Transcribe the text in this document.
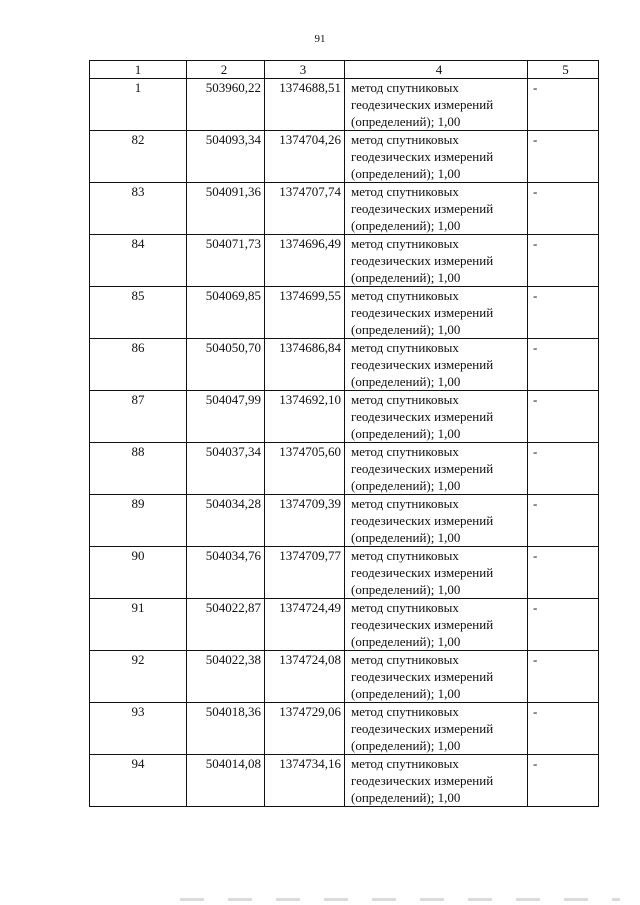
91
1	2	3	4	5
1	503960,22	1374688,51	метод спутниковых геодезических измерений (определений); 1,00	-
82	504093,34	1374704,26	метод спутниковых геодезических измерений (определений); 1,00	-
83	504091,36	1374707,74	метод спутниковых геодезических измерений (определений); 1,00	-
84	504071,73	1374696,49	метод спутниковых геодезических измерений (определений); 1,00	-
85	504069,85	1374699,55	метод спутниковых геодезических измерений (определений); 1,00	-
86	504050,70	1374686,84	метод спутниковых геодезических измерений (определений); 1,00	-
87	504047,99	1374692,10	метод спутниковых геодезических измерений (определений); 1,00	-
88	504037,34	1374705,60	метод спутниковых геодезических измерений (определений); 1,00	-
89	504034,28	1374709,39	метод спутниковых геодезических измерений (определений); 1,00	-
90	504034,76	1374709,77	метод спутниковых геодезических измерений (определений); 1,00	-
91	504022,87	1374724,49	метод спутниковых геодезических измерений (определений); 1,00	-
92	504022,38	1374724,08	метод спутниковых геодезических измерений (определений); 1,00	-
93	504018,36	1374729,06	метод спутниковых геодезических измерений (определений); 1,00	-
94	504014,08	1374734,16	метод спутниковых геодезических измерений (определений); 1,00	-
